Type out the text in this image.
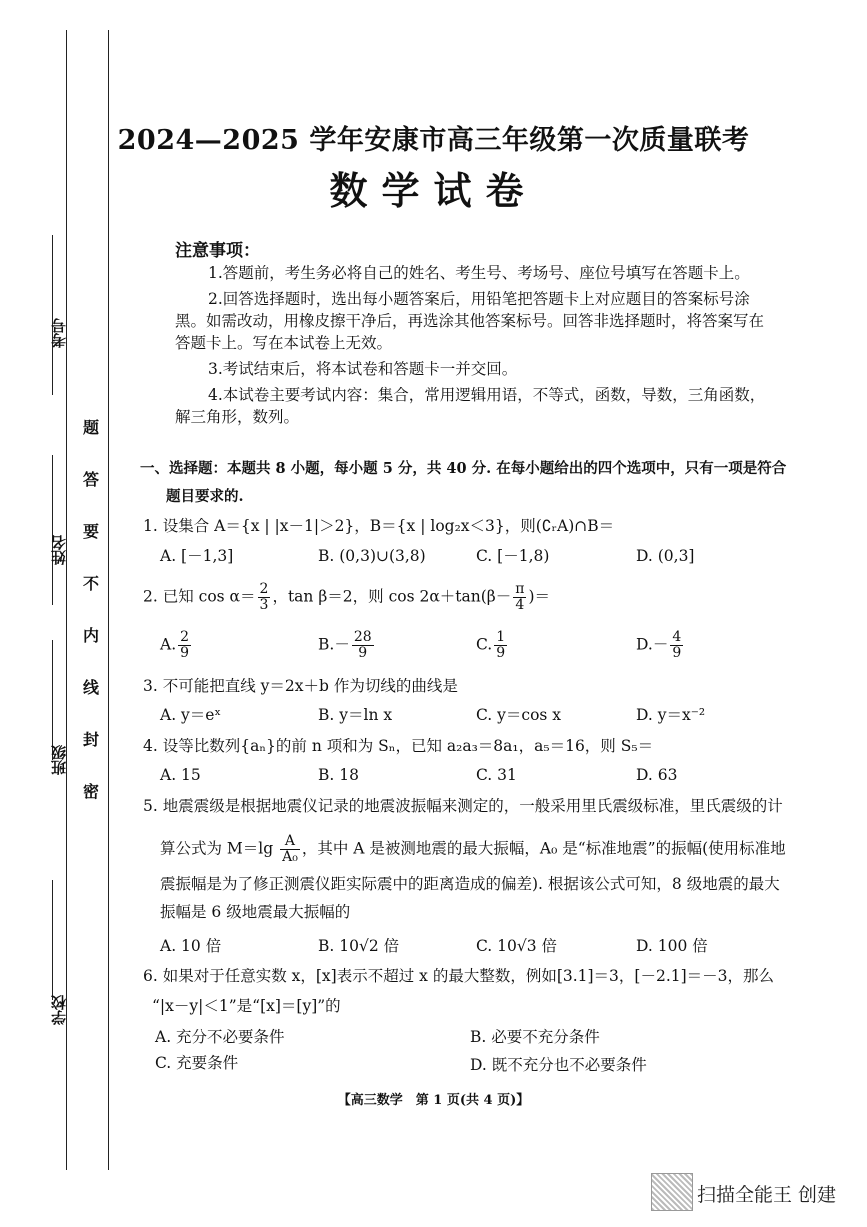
考号
姓名
班级
学校
题
答
要
不
内
线
封
密
2024—2025 学年安康市高三年级第一次质量联考
数学试卷
注意事项：
1.答题前，考生务必将自己的姓名、考生号、考场号、座位号填写在答题卡上。
2.回答选择题时，选出每小题答案后，用铅笔把答题卡上对应题目的答案标号涂黑。如需改动，用橡皮擦干净后，再选涂其他答案标号。回答非选择题时，将答案写在答题卡上。写在本试卷上无效。
3.考试结束后，将本试卷和答题卡一并交回。
4.本试卷主要考试内容：集合，常用逻辑用语，不等式，函数，导数，三角函数，解三角形，数列。
一、选择题：本题共 8 小题，每小题 5 分，共 40 分. 在每小题给出的四个选项中，只有一项是符合
题目要求的.
1. 设集合 A＝{x | |x－1|＞2}，B＝{x | log₂x＜3}，则(∁ᵣA)∩B＝
A. [－1,3]	B. (0,3)∪(3,8)	C. [－1,8)	D. (0,3]
2. 已知 $\cos \alpha= \frac{2}{3}$ ，tan β＝2，则 $\cos 2\alpha+\tan(\beta- \frac{\pi}{4}$ )＝
A. $\frac{2}{9}$	$B.- \frac{28}{9}$	C. $\frac{1}{9}$	$D.- \frac{4}{9}$
3. 不可能把直线 y＝2x＋b 作为切线的曲线是
A. y＝eˣ	B. y＝ln x	C. y＝cos x	D. y＝x⁻²
4. 设等比数列{aₙ}的前 n 项和为 Sₙ，已知 a₂a₃＝8a₁，a₅＝16，则 S₅＝
A. 15	B. 18	C. 31	D. 63
5. 地震震级是根据地震仪记录的地震波振幅来测定的，一般采用里氏震级标准，里氏震级的计
算公式为 $M=\lg \frac{A}{\text{A₀}}$ ，其中 A 是被测地震的最大振幅，A₀ 是“标准地震”的振幅(使用标准地
震振幅是为了修正测震仪距实际震中的距离造成的偏差). 根据该公式可知，8 级地震的最大
振幅是 6 级地震最大振幅的
A. 10 倍	B. 10√2 倍	C. 10√3 倍	D. 100 倍
6. 如果对于任意实数 x，[x]表示不超过 x 的最大整数，例如[3.1]＝3，[－2.1]＝－3，那么
“|x－y|＜1”是“[x]＝[y]”的
A. 充分不必要条件	B. 必要不充分条件
C. 充要条件	D. 既不充分也不必要条件
【高三数学　第 1 页(共 4 页)】
扫描全能王 创建
